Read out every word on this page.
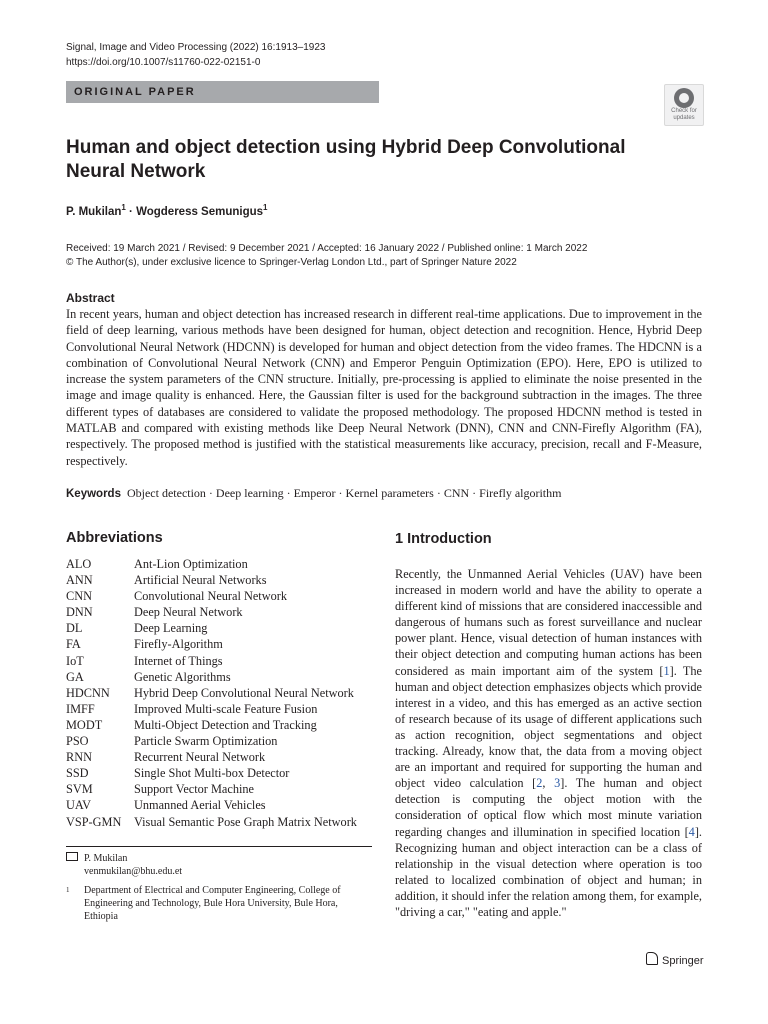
Signal, Image and Video Processing (2022) 16:1913–1923
https://doi.org/10.1007/s11760-022-02151-0
ORIGINAL PAPER
Check for
updates
Human and object detection using Hybrid Deep Convolutional Neural Network
P. Mukilan$^1$ · Wogderess Semunigus$^1$
Received: 19 March 2021 / Revised: 9 December 2021 / Accepted: 16 January 2022 / Published online: 1 March 2022
© The Author(s), under exclusive licence to Springer-Verlag London Ltd., part of Springer Nature 2022
Abstract
In recent years, human and object detection has increased research in different real-time applications. Due to improvement in the field of deep learning, various methods have been designed for human, object detection and recognition. Hence, Hybrid Deep Convolutional Neural Network (HDCNN) is developed for human and object detection from the video frames. The HDCNN is a combination of Convolutional Neural Network (CNN) and Emperor Penguin Optimization (EPO). Here, EPO is utilized to increase the system parameters of the CNN structure. Initially, pre-processing is applied to eliminate the noise presented in the image and image quality is enhanced. Here, the Gaussian filter is used for the background subtraction in the images. The three different types of databases are considered to validate the proposed methodology. The proposed HDCNN method is tested in MATLAB and compared with existing methods like Deep Neural Network (DNN), CNN and CNN-Firefly Algorithm (FA), respectively. The proposed method is justified with the statistical measurements like accuracy, precision, recall and F-Measure, respectively.
Keywords Object detection · Deep learning · Emperor · Kernel parameters · CNN · Firefly algorithm
Abbreviations
ALO	Ant-Lion Optimization
ANN	Artificial Neural Networks
CNN	Convolutional Neural Network
DNN	Deep Neural Network
DL	Deep Learning
FA	Firefly-Algorithm
IoT	Internet of Things
GA	Genetic Algorithms
HDCNN	Hybrid Deep Convolutional Neural Network
IMFF	Improved Multi-scale Feature Fusion
MODT	Multi-Object Detection and Tracking
PSO	Particle Swarm Optimization
RNN	Recurrent Neural Network
SSD	Single Shot Multi-box Detector
SVM	Support Vector Machine
UAV	Unmanned Aerial Vehicles
VSP-GMN	Visual Semantic Pose Graph Matrix Network
P. Mukilan
venmukilan@bhu.edu.et
1	Department of Electrical and Computer Engineering, College of Engineering and Technology, Bule Hora University, Bule Hora, Ethiopia
1 Introduction
Recently, the Unmanned Aerial Vehicles (UAV) have been increased in modern world and have the ability to operate a different kind of missions that are considered inaccessible and dangerous of humans such as forest surveillance and nuclear power plant. Hence, visual detection of human instances with their object detection and computing human actions has been considered as main important aim of the system [1]. The human and object detection emphasizes objects which provide interest in a video, and this has emerged as an active section of research because of its usage of different applications such as action recognition, object segmentations and object tracking. Already, know that, the data from a moving object are an important and required for supporting the human and object video calculation [2, 3]. The human and object detection is computing the object motion with the consideration of optical flow which most minute variation regarding changes and illumination in specified location [4]. Recognizing human and object interaction can be a class of relationship in the visual detection where operation is too related to localized combination of object and human; in addition, it should infer the relation among them, for example, "driving a car," "eating and apple."
Springer
